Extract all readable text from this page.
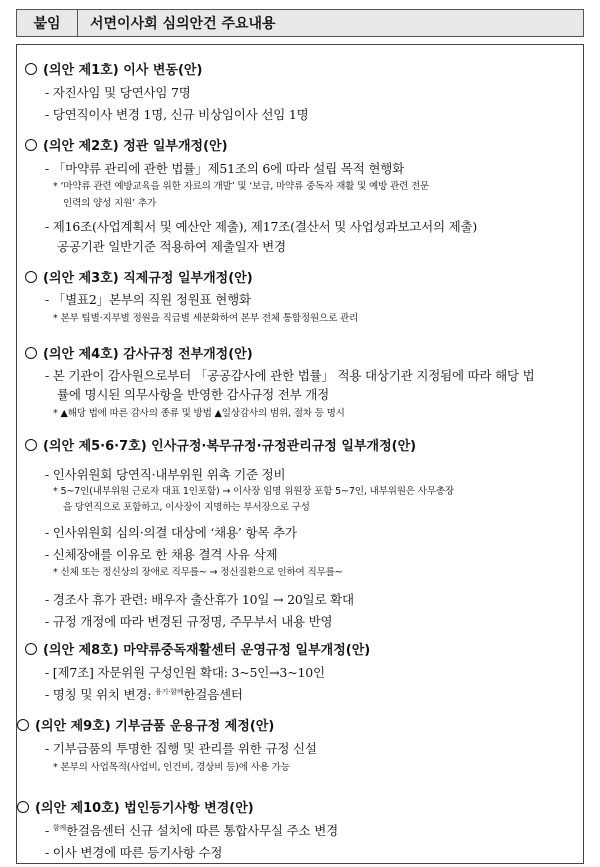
붙임	서면이사회 심의안건 주요내용
(의안 제1호) 이사 변동(안)
- 자진사임 및 당연사임 7명
- 당연직이사 변경 1명, 신규 비상임이사 선임 1명
(의안 제2호) 정관 일부개정(안)
- 「마약류 관리에 관한 법률」제51조의 6에 따라 설립 목적 현행화
* ‘마약류 관련 예방교육을 위한 자료의 개발’ 및 ‘보급, 마약류 중독자 재활 및 예방 관련 전문
인력의 양성 지원’ 추가
- 제16조(사업계획서 및 예산안 제출), 제17조(결산서 및 사업성과보고서의 제출)
공공기관 일반기준 적용하여 제출일자 변경
(의안 제3호) 직제규정 일부개정(안)
- 「별표2」본부의 직원 정원표 현행화
* 본부 팀별·지부별 정원을 직급별 세분화하여 본부 전체 통합정원으로 관리
(의안 제4호) 감사규정 전부개정(안)
- 본 기관이 감사원으로부터 「공공감사에 관한 법률」 적용 대상기관 지정됨에 따라 해당 법
률에 명시된 의무사항을 반영한 감사규정 전부 개정
* ▲해당 법에 따른 감사의 종류 및 방법 ▲일상감사의 범위, 절차 등 명시
(의안 제5·6·7호) 인사규정·복무규정·규정관리규정 일부개정(안)
- 인사위원회 당연직·내부위원 위촉 기준 정비
* 5~7인(내부위원 근로자 대표 1인포함) → 이사장 임명 위원장 포함 5~7인, 내부위원은 사무총장
을 당연직으로 포함하고, 이사장이 지명하는 부서장으로 구성
- 인사위원회 심의·의결 대상에 ‘채용’ 항목 추가
- 신체장애를 이유로 한 채용 결격 사유 삭제
* 신체 또는 정신상의 장애로 직무를~ → 정신질환으로 인하여 직무를~
- 경조사 휴가 관련: 배우자 출산휴가 10일 → 20일로 확대
- 규정 개정에 따라 변경된 규정명, 주무부서 내용 반영
(의안 제8호) 마약류중독재활센터 운영규정 일부개정(안)
- [제7조] 자문위원 구성인원 확대: 3~5인→3~10인
- 명칭 및 위치 변경: $^{융기\cdot 함께}$한걸음센터
(의안 제9호) 기부금품 운용규정 제정(안)
- 기부금품의 투명한 집행 및 관리를 위한 규정 신설
* 본부의 사업목적(사업비, 인건비, 경상비 등)에 사용 가능
(의안 제10호) 법인등기사항 변경(안)
- $^{함께}$한걸음센터 신규 설치에 따른 통합사무실 주소 변경
- 이사 변경에 따른 등기사항 수정
